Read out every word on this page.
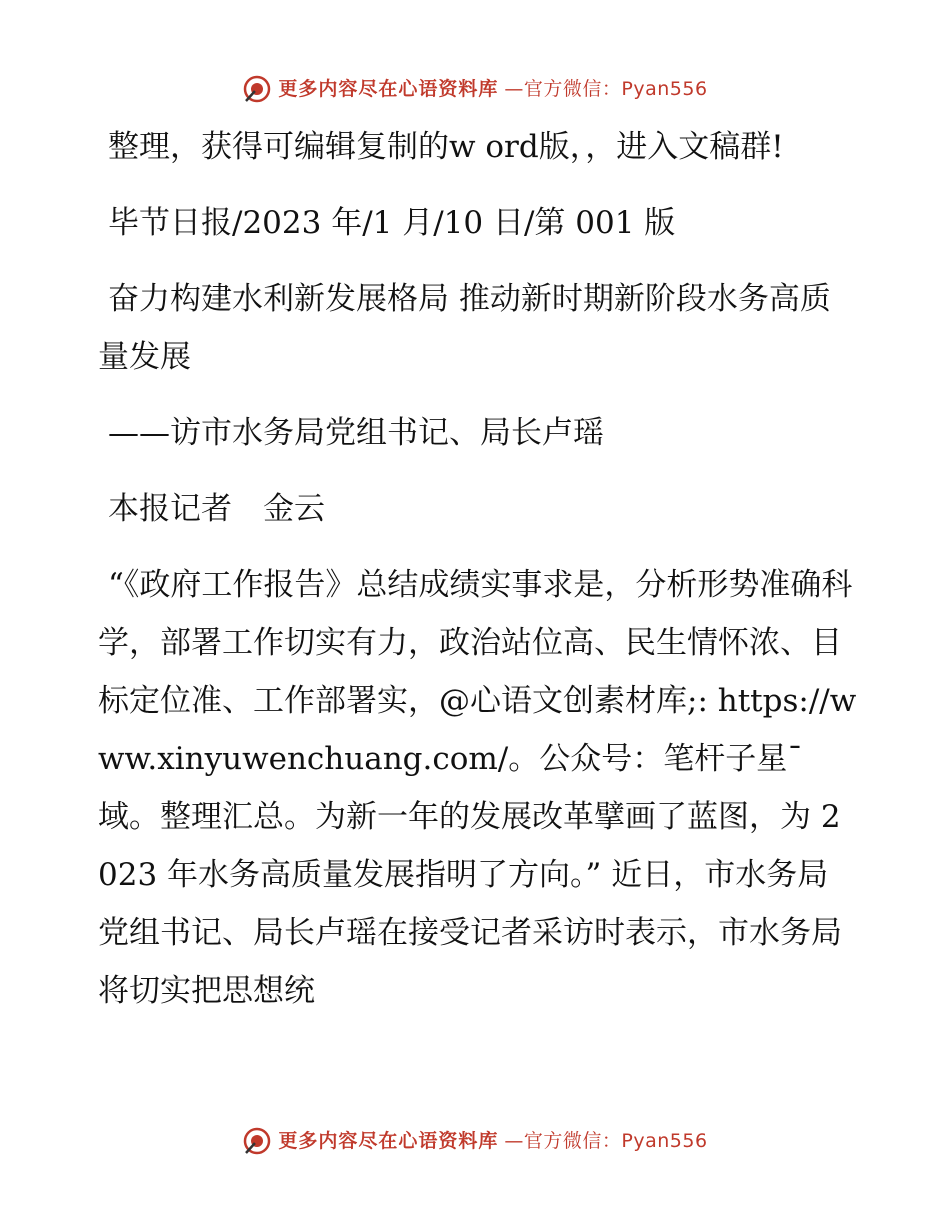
更多内容尽在心语资料库 —官方微信：Pyan556

整理，获得可编辑复制的w ord版，，进入文稿群!

毕节日报/2023 年/1 月/10 日/第 001 版

奋力构建水利新发展格局 推动新时期新阶段水务高质量发展

——访市水务局党组书记、局长卢瑶

本报记者　金云

“《政府工作报告》总结成绩实事求是，分析形势准确科学，部署工作切实有力，政治站位高、民生情怀浓、目标定位准、工作部署实，@心语文创素材库;: https://www.xinyuwenchuang.com/。公众号：笔杆子星¯域。整理汇总。为新一年的发展改革擘画了蓝图，为 2023 年水务高质量发展指明了方向。” 近日，市水务局党组书记、局长卢瑶在接受记者采访时表示，市水务局将切实把思想统

更多内容尽在心语资料库 —官方微信：Pyan556
